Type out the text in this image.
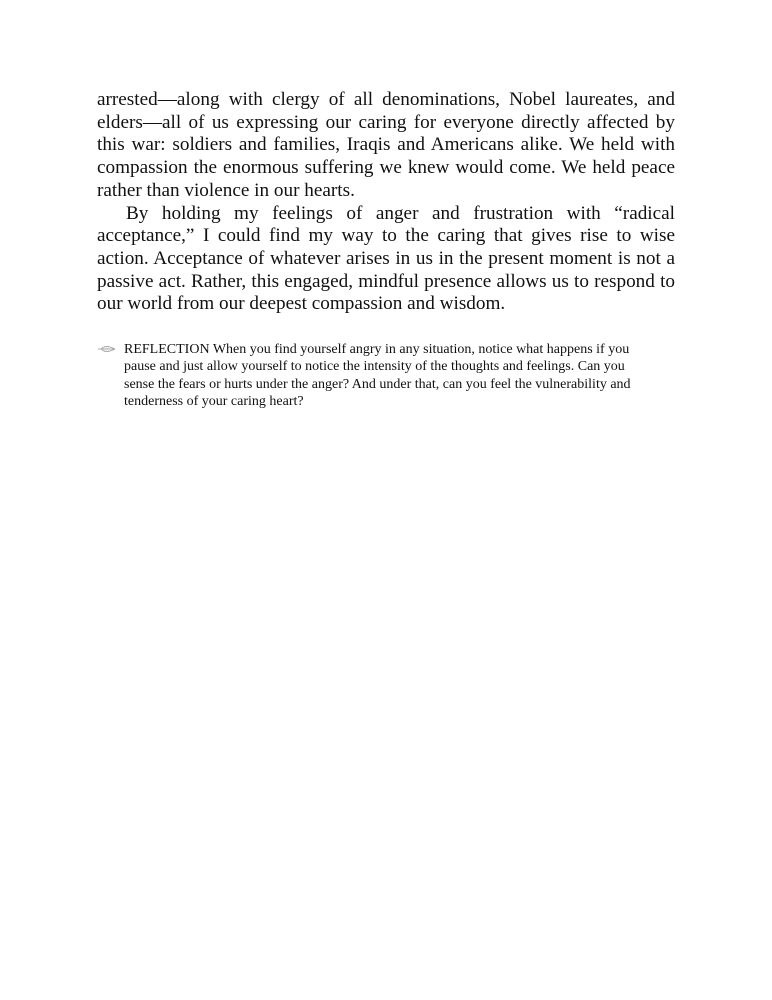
arrested—along with clergy of all denominations, Nobel laureates, and elders—all of us expressing our caring for everyone directly affected by this war: soldiers and families, Iraqis and Americans alike. We held with compassion the enormous suffering we knew would come. We held peace rather than violence in our hearts.

By holding my feelings of anger and frustration with “radical acceptance,” I could find my way to the caring that gives rise to wise action. Acceptance of whatever arises in us in the present moment is not a passive act. Rather, this engaged, mindful presence allows us to respond to our world from our deepest compassion and wisdom.

REFLECTION When you find yourself angry in any situation, notice what happens if you pause and just allow yourself to notice the intensity of the thoughts and feelings. Can you sense the fears or hurts under the anger? And under that, can you feel the vulnerability and tenderness of your caring heart?
